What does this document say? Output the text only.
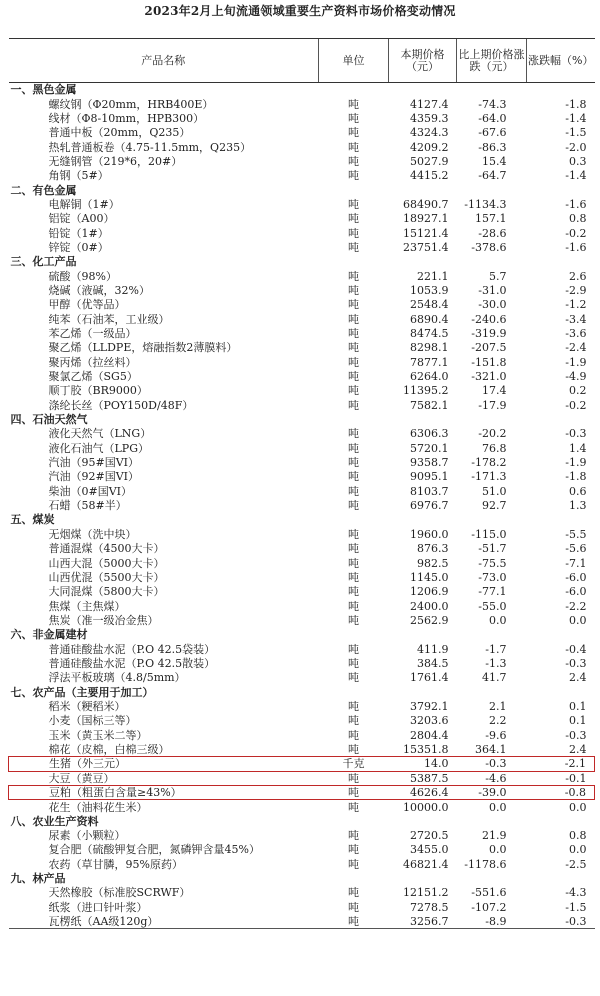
2023年2月上旬流通领域重要生产资料市场价格变动情况
产品名称	单位	本期价格（元）	比上期价格涨跌（元）	涨跌幅（%）
一、黑色金属				
螺纹钢（Φ20mm，HRB400E）	吨	4127.4	-74.3	-1.8
线材（Φ8-10mm，HPB300）	吨	4359.3	-64.0	-1.4
普通中板（20mm，Q235）	吨	4324.3	-67.6	-1.5
热轧普通板卷（4.75-11.5mm，Q235）	吨	4209.2	-86.3	-2.0
无缝钢管（219*6，20#）	吨	5027.9	15.4	0.3
角钢（5#）	吨	4415.2	-64.7	-1.4
二、有色金属				
电解铜（1#）	吨	68490.7	-1134.3	-1.6
铝锭（A00）	吨	18927.1	157.1	0.8
铅锭（1#）	吨	15121.4	-28.6	-0.2
锌锭（0#）	吨	23751.4	-378.6	-1.6
三、化工产品				
硫酸（98%）	吨	221.1	5.7	2.6
烧碱（液碱，32%）	吨	1053.9	-31.0	-2.9
甲醇（优等品）	吨	2548.4	-30.0	-1.2
纯苯（石油苯，工业级）	吨	6890.4	-240.6	-3.4
苯乙烯（一级品）	吨	8474.5	-319.9	-3.6
聚乙烯（LLDPE，熔融指数2薄膜料）	吨	8298.1	-207.5	-2.4
聚丙烯（拉丝料）	吨	7877.1	-151.8	-1.9
聚氯乙烯（SG5）	吨	6264.0	-321.0	-4.9
顺丁胶（BR9000）	吨	11395.2	17.4	0.2
涤纶长丝（POY150D/48F）	吨	7582.1	-17.9	-0.2
四、石油天然气				
液化天然气（LNG）	吨	6306.3	-20.2	-0.3
液化石油气（LPG）	吨	5720.1	76.8	1.4
汽油（95#国VI）	吨	9358.7	-178.2	-1.9
汽油（92#国VI）	吨	9095.1	-171.3	-1.8
柴油（0#国VI）	吨	8103.7	51.0	0.6
石蜡（58#半）	吨	6976.7	92.7	1.3
五、煤炭				
无烟煤（洗中块）	吨	1960.0	-115.0	-5.5
普通混煤（4500大卡）	吨	876.3	-51.7	-5.6
山西大混（5000大卡）	吨	982.5	-75.5	-7.1
山西优混（5500大卡）	吨	1145.0	-73.0	-6.0
大同混煤（5800大卡）	吨	1206.9	-77.1	-6.0
焦煤（主焦煤）	吨	2400.0	-55.0	-2.2
焦炭（准一级冶金焦）	吨	2562.9	0.0	0.0
六、非金属建材				
普通硅酸盐水泥（P.O 42.5袋装）	吨	411.9	-1.7	-0.4
普通硅酸盐水泥（P.O 42.5散装）	吨	384.5	-1.3	-0.3
浮法平板玻璃（4.8/5mm）	吨	1761.4	41.7	2.4
七、农产品（主要用于加工）				
稻米（粳稻米）	吨	3792.1	2.1	0.1
小麦（国标三等）	吨	3203.6	2.2	0.1
玉米（黄玉米二等）	吨	2804.4	-9.6	-0.3
棉花（皮棉，白棉三级）	吨	15351.8	364.1	2.4
生猪（外三元）	千克	14.0	-0.3	-2.1
大豆（黄豆）	吨	5387.5	-4.6	-0.1
豆粕（粗蛋白含量≥43%）	吨	4626.4	-39.0	-0.8
花生（油料花生米）	吨	10000.0	0.0	0.0
八、农业生产资料				
尿素（小颗粒）	吨	2720.5	21.9	0.8
复合肥（硫酸钾复合肥，氮磷钾含量45%）	吨	3455.0	0.0	0.0
农药（草甘膦，95%原药）	吨	46821.4	-1178.6	-2.5
九、林产品				
天然橡胶（标准胶SCRWF）	吨	12151.2	-551.6	-4.3
纸浆（进口针叶浆）	吨	7278.5	-107.2	-1.5
瓦楞纸（AA级120g）	吨	3256.7	-8.9	-0.3
